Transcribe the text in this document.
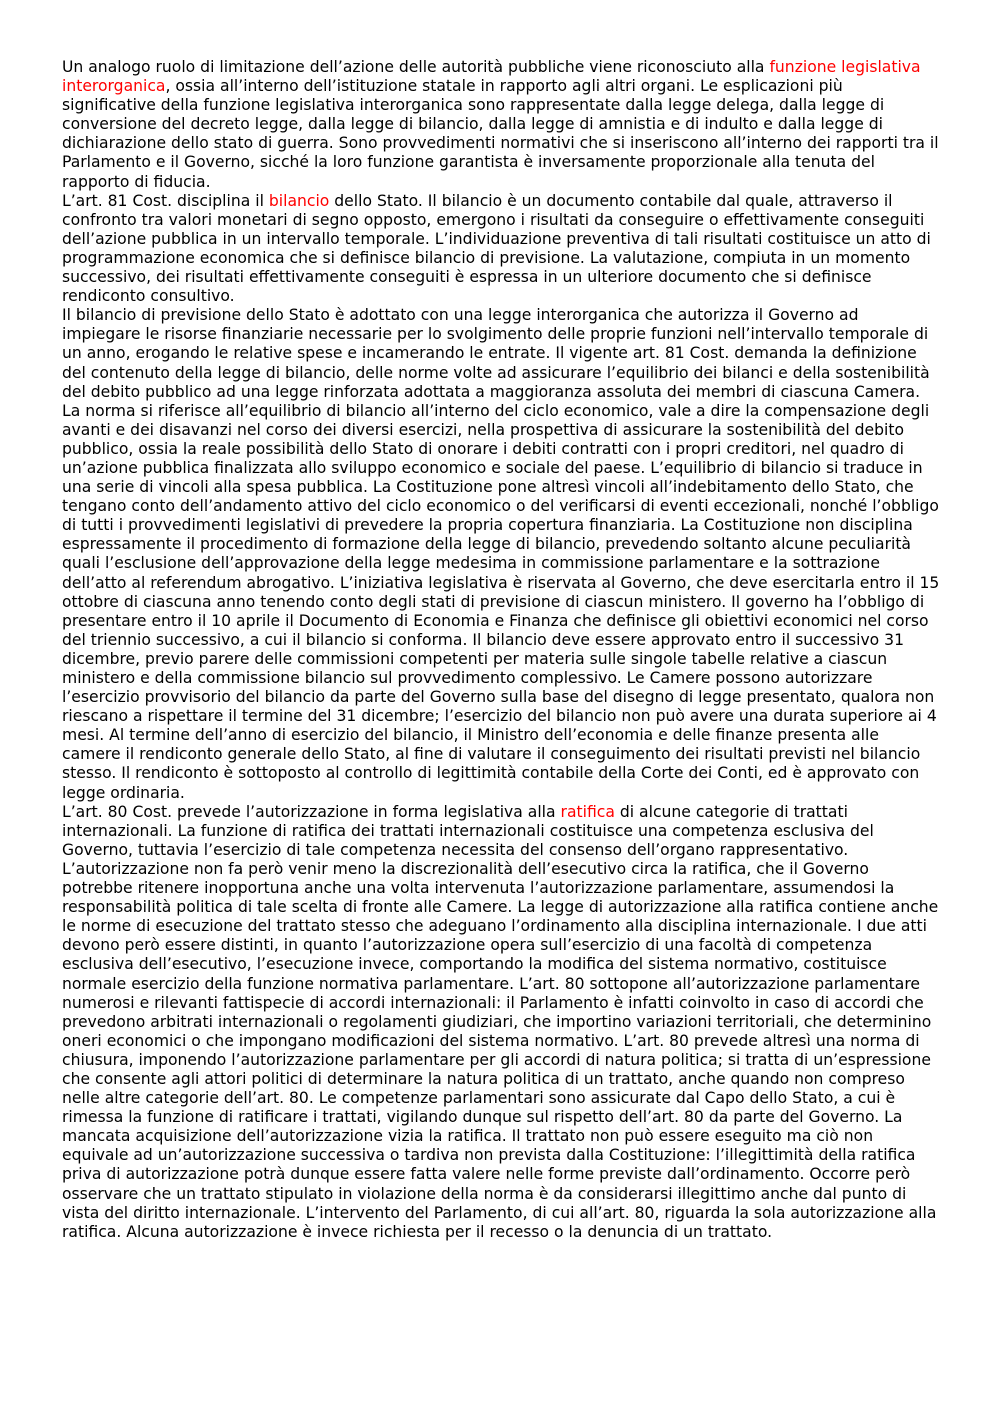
Un analogo ruolo di limitazione dell’azione delle autorità pubbliche viene riconosciuto alla funzione legislativa interorganica, ossia all’interno dell’istituzione statale in rapporto agli altri organi. Le esplicazioni più significative della funzione legislativa interorganica sono rappresentate dalla legge delega, dalla legge di conversione del decreto legge, dalla legge di bilancio, dalla legge di amnistia e di indulto e dalla legge di dichiarazione dello stato di guerra. Sono provvedimenti normativi che si inseriscono all’interno dei rapporti tra il Parlamento e il Governo, sicché la loro funzione garantista è inversamente proporzionale alla tenuta del rapporto di fiducia.

L’art. 81 Cost. disciplina il bilancio dello Stato. Il bilancio è un documento contabile dal quale, attraverso il confronto tra valori monetari di segno opposto, emergono i risultati da conseguire o effettivamente conseguiti dell’azione pubblica in un intervallo temporale. L’individuazione preventiva di tali risultati costituisce un atto di programmazione economica che si definisce bilancio di previsione. La valutazione, compiuta in un momento successivo, dei risultati effettivamente conseguiti è espressa in un ulteriore documento che si definisce rendiconto consultivo.

Il bilancio di previsione dello Stato è adottato con una legge interorganica che autorizza il Governo ad impiegare le risorse finanziarie necessarie per lo svolgimento delle proprie funzioni nell’intervallo temporale di un anno, erogando le relative spese e incamerando le entrate. Il vigente art. 81 Cost. demanda la definizione del contenuto della legge di bilancio, delle norme volte ad assicurare l’equilibrio dei bilanci e della sostenibilità del debito pubblico ad una legge rinforzata adottata a maggioranza assoluta dei membri di ciascuna Camera. La norma si riferisce all’equilibrio di bilancio all’interno del ciclo economico, vale a dire la compensazione degli avanti e dei disavanzi nel corso dei diversi esercizi, nella prospettiva di assicurare la sostenibilità del debito pubblico, ossia la reale possibilità dello Stato di onorare i debiti contratti con i propri creditori, nel quadro di un’azione pubblica finalizzata allo sviluppo economico e sociale del paese. L’equilibrio di bilancio si traduce in una serie di vincoli alla spesa pubblica. La Costituzione pone altresì vincoli all’indebitamento dello Stato, che tengano conto dell’andamento attivo del ciclo economico o del verificarsi di eventi eccezionali, nonché l’obbligo di tutti i provvedimenti legislativi di prevedere la propria copertura finanziaria. La Costituzione non disciplina espressamente il procedimento di formazione della legge di bilancio, prevedendo soltanto alcune peculiarità quali l’esclusione dell’approvazione della legge medesima in commissione parlamentare e la sottrazione dell’atto al referendum abrogativo. L’iniziativa legislativa è riservata al Governo, che deve esercitarla entro il 15 ottobre di ciascuna anno tenendo conto degli stati di previsione di ciascun ministero. Il governo ha l’obbligo di presentare entro il 10 aprile il Documento di Economia e Finanza che definisce gli obiettivi economici nel corso del triennio successivo, a cui il bilancio si conforma. Il bilancio deve essere approvato entro il successivo 31 dicembre, previo parere delle commissioni competenti per materia sulle singole tabelle relative a ciascun ministero e della commissione bilancio sul provvedimento complessivo. Le Camere possono autorizzare l’esercizio provvisorio del bilancio da parte del Governo sulla base del disegno di legge presentato, qualora non riescano a rispettare il termine del 31 dicembre; l’esercizio del bilancio non può avere una durata superiore ai 4 mesi. Al termine dell’anno di esercizio del bilancio, il Ministro dell’economia e delle finanze presenta alle camere il rendiconto generale dello Stato, al fine di valutare il conseguimento dei risultati previsti nel bilancio stesso. Il rendiconto è sottoposto al controllo di legittimità contabile della Corte dei Conti, ed è approvato con legge ordinaria.

L’art. 80 Cost. prevede l’autorizzazione in forma legislativa alla ratifica di alcune categorie di trattati internazionali. La funzione di ratifica dei trattati internazionali costituisce una competenza esclusiva del Governo, tuttavia l’esercizio di tale competenza necessita del consenso dell’organo rappresentativo. L’autorizzazione non fa però venir meno la discrezionalità dell’esecutivo circa la ratifica, che il Governo potrebbe ritenere inopportuna anche una volta intervenuta l’autorizzazione parlamentare, assumendosi la responsabilità politica di tale scelta di fronte alle Camere. La legge di autorizzazione alla ratifica contiene anche le norme di esecuzione del trattato stesso che adeguano l’ordinamento alla disciplina internazionale. I due atti devono però essere distinti, in quanto l’autorizzazione opera sull’esercizio di una facoltà di competenza esclusiva dell’esecutivo, l’esecuzione invece, comportando la modifica del sistema normativo, costituisce normale esercizio della funzione normativa parlamentare. L’art. 80 sottopone all’autorizzazione parlamentare numerosi e rilevanti fattispecie di accordi internazionali: il Parlamento è infatti coinvolto in caso di accordi che prevedono arbitrati internazionali o regolamenti giudiziari, che importino variazioni territoriali, che determinino oneri economici o che impongano modificazioni del sistema normativo. L’art. 80 prevede altresì una norma di chiusura, imponendo l’autorizzazione parlamentare per gli accordi di natura politica; si tratta di un’espressione che consente agli attori politici di determinare la natura politica di un trattato, anche quando non compreso nelle altre categorie dell’art. 80. Le competenze parlamentari sono assicurate dal Capo dello Stato, a cui è rimessa la funzione di ratificare i trattati, vigilando dunque sul rispetto dell’art. 80 da parte del Governo. La mancata acquisizione dell’autorizzazione vizia la ratifica. Il trattato non può essere eseguito ma ciò non equivale ad un’autorizzazione successiva o tardiva non prevista dalla Costituzione: l’illegittimità della ratifica priva di autorizzazione potrà dunque essere fatta valere nelle forme previste dall’ordinamento. Occorre però osservare che un trattato stipulato in violazione della norma è da considerarsi illegittimo anche dal punto di vista del diritto internazionale. L’intervento del Parlamento, di cui all’art. 80, riguarda la sola autorizzazione alla ratifica. Alcuna autorizzazione è invece richiesta per il recesso o la denuncia di un trattato.
